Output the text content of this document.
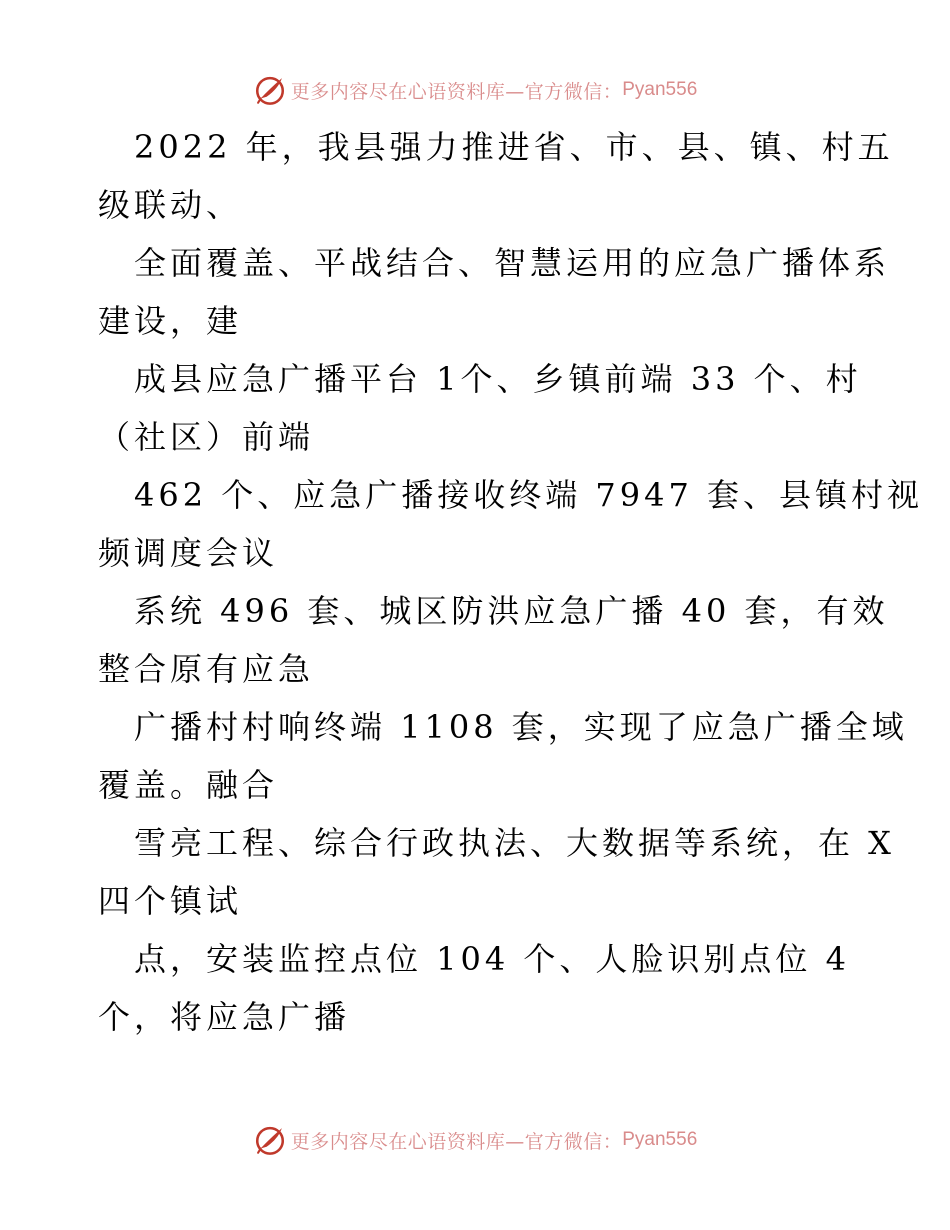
更多内容尽在心语资料库—官方微信： Pyan556
2022 年，我县强力推进省、市、县、镇、村五
级联动、
全面覆盖、平战结合、智慧运用的应急广播体系
建设，建
成县应急广播平台 1个、乡镇前端 33 个、村
（社区）前端
462 个、应急广播接收终端 7947 套、县镇村视
频调度会议
系统 496 套、城区防洪应急广播 40 套，有效
整合原有应急
广播村村响终端 1108 套，实现了应急广播全域
覆盖。融合
雪亮工程、综合行政执法、大数据等系统，在 X
四个镇试
点，安装监控点位 104 个、人脸识别点位 4
个，将应急广播
更多内容尽在心语资料库—官方微信： Pyan556
